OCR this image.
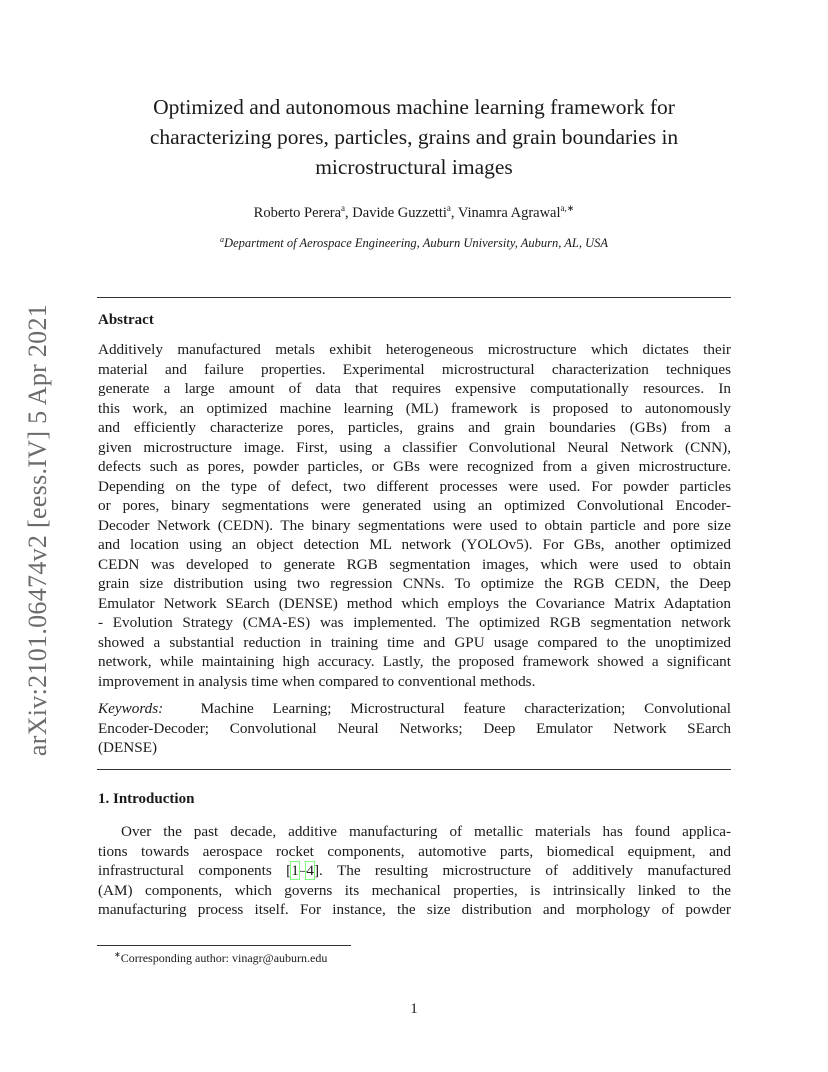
arXiv:2101.06474v2 [eess.IV] 5 Apr 2021
Optimized and autonomous machine learning framework for
characterizing pores, particles, grains and grain boundaries in
microstructural images
Roberto Perera$^a$, Davide Guzzetti$^a$, Vinamra Agrawal$^{a,∗}$
$^a$Department of Aerospace Engineering, Auburn University, Auburn, AL, USA
Abstract
Additively manufactured metals exhibit heterogeneous microstructure which dictates their
material and failure properties. Experimental microstructural characterization techniques
generate a large amount of data that requires expensive computationally resources. In
this work, an optimized machine learning (ML) framework is proposed to autonomously
and efficiently characterize pores, particles, grains and grain boundaries (GBs) from a
given microstructure image. First, using a classifier Convolutional Neural Network (CNN),
defects such as pores, powder particles, or GBs were recognized from a given microstructure.
Depending on the type of defect, two different processes were used. For powder particles
or pores, binary segmentations were generated using an optimized Convolutional Encoder-
Decoder Network (CEDN). The binary segmentations were used to obtain particle and pore size
and location using an object detection ML network (YOLOv5). For GBs, another optimized
CEDN was developed to generate RGB segmentation images, which were used to obtain
grain size distribution using two regression CNNs. To optimize the RGB CEDN, the Deep
Emulator Network SEarch (DENSE) method which employs the Covariance Matrix Adaptation
- Evolution Strategy (CMA-ES) was implemented. The optimized RGB segmentation network
showed a substantial reduction in training time and GPU usage compared to the unoptimized
network, while maintaining high accuracy. Lastly, the proposed framework showed a significant
improvement in analysis time when compared to conventional methods.
Keywords: Machine Learning; Microstructural feature characterization; Convolutional
Encoder-Decoder; Convolutional Neural Networks; Deep Emulator Network SEarch
(DENSE)
1. Introduction
Over the past decade, additive manufacturing of metallic materials has found applica-
tions towards aerospace rocket components, automotive parts, biomedical equipment, and
infrastructural components [1–4]. The resulting microstructure of additively manufactured
(AM) components, which governs its mechanical properties, is intrinsically linked to the
manufacturing process itself. For instance, the size distribution and morphology of powder
∗Corresponding author: vinagr@auburn.edu
1
